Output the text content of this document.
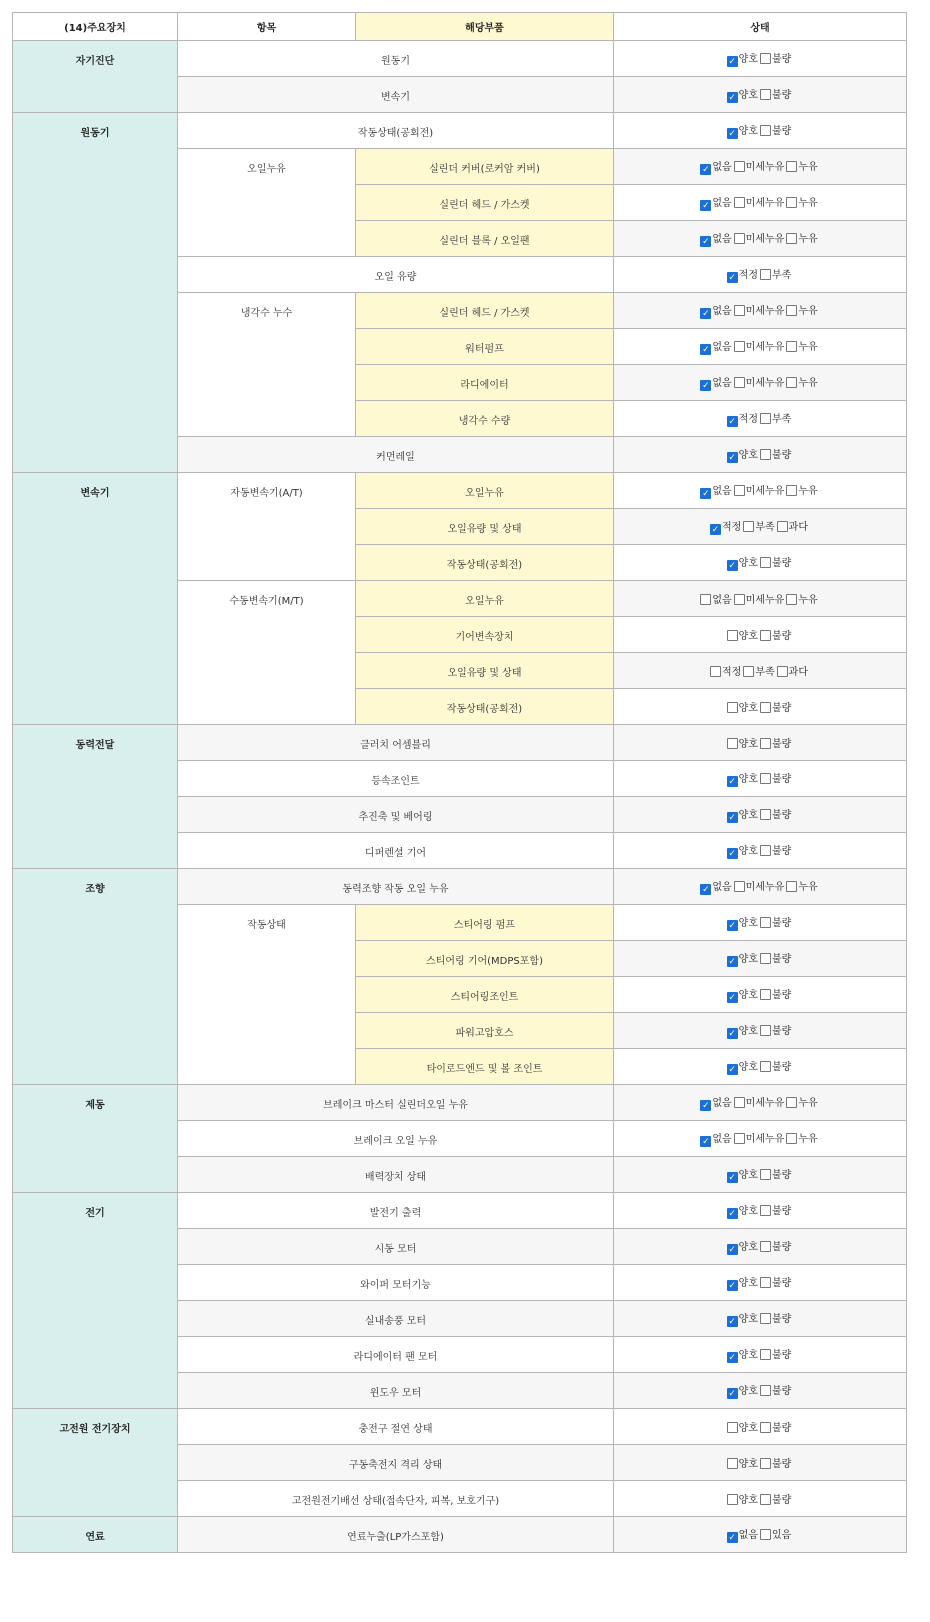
(14)주요장치	항목	해당부품	상태
자기진단	원동기		✓ 양호 불량
	변속기		✓ 양호 불량
원동기	작동상태(공회전)		✓ 양호 불량
	오일누유	실린더 커버(로커암 커버)	✓ 없음 미세누유 누유
		실린더 헤드 / 가스켓	✓ 없음 미세누유 누유
		실린더 블록 / 오일팬	✓ 없음 미세누유 누유
	오일 유량		✓ 적정 부족
	냉각수 누수	실린더 헤드 / 가스켓	✓ 없음 미세누유 누유
		워터펌프	✓ 없음 미세누유 누유
		라디에이터	✓ 없음 미세누유 누유
		냉각수 수량	✓ 적정 부족
	커먼레일		✓ 양호 불량
변속기	자동변속기(A/T)	오일누유	✓ 없음 미세누유 누유
		오일유량 및 상태	✓ 적정 부족 과다
		작동상태(공회전)	✓ 양호 불량
	수동변속기(M/T)	오일누유	없음 미세누유 누유
		기어변속장치	양호 불량
		오일유량 및 상태	적정 부족 과다
		작동상태(공회전)	양호 불량
동력전달	클러치 어셈블리		양호 불량
	등속조인트		✓ 양호 불량
	추진축 및 베어링		✓ 양호 불량
	디퍼렌셜 기어		✓ 양호 불량
조향	동력조향 작동 오일 누유		✓ 없음 미세누유 누유
	작동상태	스티어링 펌프	✓ 양호 불량
		스티어링 기어(MDPS포함)	✓ 양호 불량
		스티어링조인트	✓ 양호 불량
		파워고압호스	✓ 양호 불량
		타이로드엔드 및 볼 조인트	✓ 양호 불량
제동	브레이크 마스터 실린더오일 누유		✓ 없음 미세누유 누유
	브레이크 오일 누유		✓ 없음 미세누유 누유
	배력장치 상태		✓ 양호 불량
전기	발전기 출력		✓ 양호 불량
	시동 모터		✓ 양호 불량
	와이퍼 모터기능		✓ 양호 불량
	실내송풍 모터		✓ 양호 불량
	라디에이터 팬 모터		✓ 양호 불량
	윈도우 모터		✓ 양호 불량
고전원 전기장치	충전구 절연 상태		양호 불량
	구동축전지 격리 상태		양호 불량
	고전원전기배선 상태(접속단자, 피복, 보호기구)		양호 불량
연료	연료누출(LP가스포함)		✓ 없음 있음
